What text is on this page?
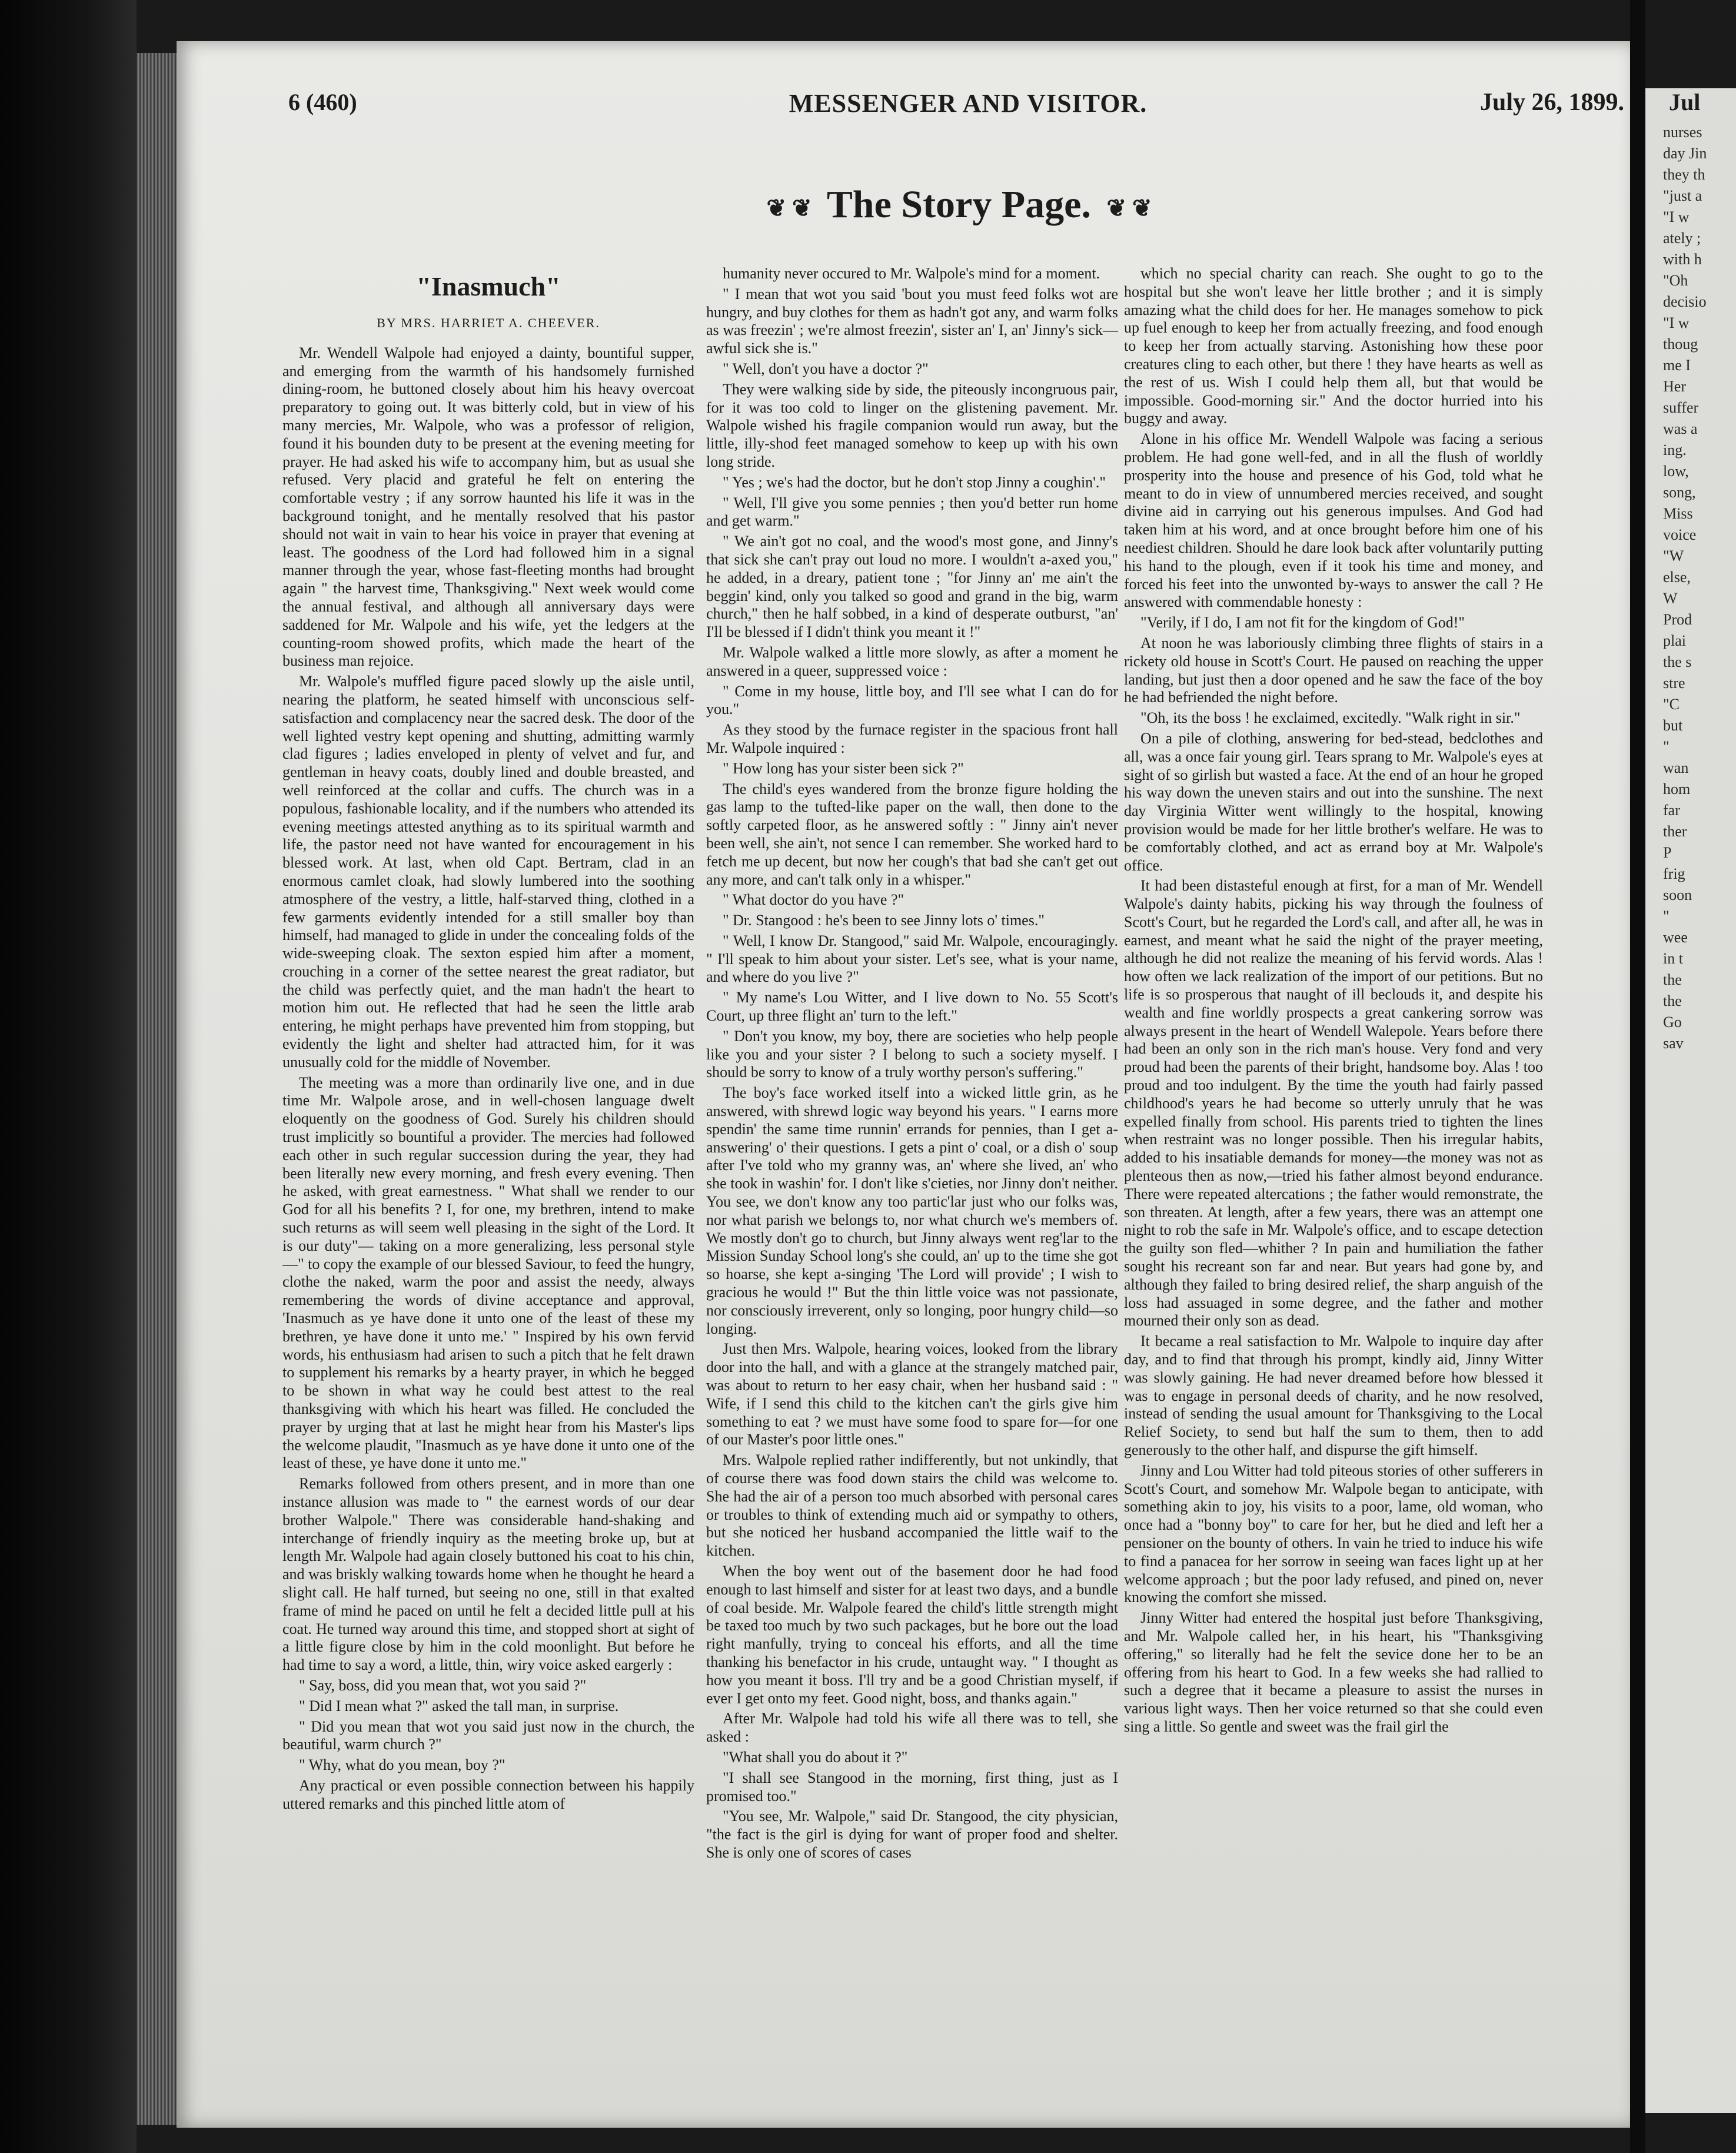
6 (460)	MESSENGER AND VISITOR.	July 26, 1899.
❦ ❦ The Story Page. ❦ ❦
"Inasmuch"
BY MRS. HARRIET A. CHEEVER.

Mr. Wendell Walpole had enjoyed a dainty, bountiful supper, and emerging from the warmth of his handsomely furnished dining-room, he buttoned closely about him his heavy overcoat preparatory to going out. It was bitterly cold, but in view of his many mercies, Mr. Walpole, who was a professor of religion, found it his bounden duty to be present at the evening meeting for prayer. He had asked his wife to accompany him, but as usual she refused. Very placid and grateful he felt on entering the comfortable vestry ; if any sorrow haunted his life it was in the background tonight, and he mentally resolved that his pastor should not wait in vain to hear his voice in prayer that evening at least. The goodness of the Lord had followed him in a signal manner through the year, whose fast-fleeting months had brought again " the harvest time, Thanksgiving." Next week would come the annual festival, and although all anniversary days were saddened for Mr. Walpole and his wife, yet the ledgers at the counting-room showed profits, which made the heart of the business man rejoice.

Mr. Walpole's muffled figure paced slowly up the aisle until, nearing the platform, he seated himself with unconscious self-satisfaction and complacency near the sacred desk. The door of the well lighted vestry kept opening and shutting, admitting warmly clad figures ; ladies enveloped in plenty of velvet and fur, and gentleman in heavy coats, doubly lined and double breasted, and well reinforced at the collar and cuffs. The church was in a populous, fashionable locality, and if the numbers who attended its evening meetings attested anything as to its spiritual warmth and life, the pastor need not have wanted for encouragement in his blessed work. At last, when old Capt. Bertram, clad in an enormous camlet cloak, had slowly lumbered into the soothing atmosphere of the vestry, a little, half-starved thing, clothed in a few garments evidently intended for a still smaller boy than himself, had managed to glide in under the concealing folds of the wide-sweeping cloak. The sexton espied him after a moment, crouching in a corner of the settee nearest the great radiator, but the child was perfectly quiet, and the man hadn't the heart to motion him out. He reflected that had he seen the little arab entering, he might perhaps have prevented him from stopping, but evidently the light and shelter had attracted him, for it was unusually cold for the middle of November.

The meeting was a more than ordinarily live one, and in due time Mr. Walpole arose, and in well-chosen language dwelt eloquently on the goodness of God. Surely his children should trust implicitly so bountiful a provider. The mercies had followed each other in such regular succession during the year, they had been literally new every morning, and fresh every evening. Then he asked, with great earnestness. " What shall we render to our God for all his benefits ? I, for one, my brethren, intend to make such returns as will seem well pleasing in the sight of the Lord. It is our duty"— taking on a more generalizing, less personal style—" to copy the example of our blessed Saviour, to feed the hungry, clothe the naked, warm the poor and assist the needy, always remembering the words of divine acceptance and approval, 'Inasmuch as ye have done it unto one of the least of these my brethren, ye have done it unto me.' " Inspired by his own fervid words, his enthusiasm had arisen to such a pitch that he felt drawn to supplement his remarks by a hearty prayer, in which he begged to be shown in what way he could best attest to the real thanksgiving with which his heart was filled. He concluded the prayer by urging that at last he might hear from his Master's lips the welcome plaudit, "Inasmuch as ye have done it unto one of the least of these, ye have done it unto me."

Remarks followed from others present, and in more than one instance allusion was made to " the earnest words of our dear brother Walpole." There was considerable hand-shaking and interchange of friendly inquiry as the meeting broke up, but at length Mr. Walpole had again closely buttoned his coat to his chin, and was briskly walking towards home when he thought he heard a slight call. He half turned, but seeing no one, still in that exalted frame of mind he paced on until he felt a decided little pull at his coat. He turned way around this time, and stopped short at sight of a little figure close by him in the cold moonlight. But before he had time to say a word, a little, thin, wiry voice asked eargerly :

" Say, boss, did you mean that, wot you said ?"

" Did I mean what ?" asked the tall man, in surprise.

" Did you mean that wot you said just now in the church, the beautiful, warm church ?"

" Why, what do you mean, boy ?"

Any practical or even possible connection between his happily uttered remarks and this pinched little atom of

humanity never occured to Mr. Walpole's mind for a moment.

" I mean that wot you said 'bout you must feed folks wot are hungry, and buy clothes for them as hadn't got any, and warm folks as was freezin' ; we're almost freezin', sister an' I, an' Jinny's sick—awful sick she is."

" Well, don't you have a doctor ?"

They were walking side by side, the piteously incongruous pair, for it was too cold to linger on the glistening pavement. Mr. Walpole wished his fragile companion would run away, but the little, illy-shod feet managed somehow to keep up with his own long stride.

" Yes ; we's had the doctor, but he don't stop Jinny a coughin'."

" Well, I'll give you some pennies ; then you'd better run home and get warm."

" We ain't got no coal, and the wood's most gone, and Jinny's that sick she can't pray out loud no more. I wouldn't a-axed you," he added, in a dreary, patient tone ; "for Jinny an' me ain't the beggin' kind, only you talked so good and grand in the big, warm church," then he half sobbed, in a kind of desperate outburst, "an' I'll be blessed if I didn't think you meant it !"

Mr. Walpole walked a little more slowly, as after a moment he answered in a queer, suppressed voice :

" Come in my house, little boy, and I'll see what I can do for you."

As they stood by the furnace register in the spacious front hall Mr. Walpole inquired :

" How long has your sister been sick ?"

The child's eyes wandered from the bronze figure holding the gas lamp to the tufted-like paper on the wall, then done to the softly carpeted floor, as he answered softly : " Jinny ain't never been well, she ain't, not sence I can remember. She worked hard to fetch me up decent, but now her cough's that bad she can't get out any more, and can't talk only in a whisper."

" What doctor do you have ?"

" Dr. Stangood : he's been to see Jinny lots o' times."

" Well, I know Dr. Stangood," said Mr. Walpole, encouragingly. " I'll speak to him about your sister. Let's see, what is your name, and where do you live ?"

" My name's Lou Witter, and I live down to No. 55 Scott's Court, up three flight an' turn to the left."

" Don't you know, my boy, there are societies who help people like you and your sister ? I belong to such a society myself. I should be sorry to know of a truly worthy person's suffering."

The boy's face worked itself into a wicked little grin, as he answered, with shrewd logic way beyond his years. " I earns more spendin' the same time runnin' errands for pennies, than I get a-answering' o' their questions. I gets a pint o' coal, or a dish o' soup after I've told who my granny was, an' where she lived, an' who she took in washin' for. I don't like s'cieties, nor Jinny don't neither. You see, we don't know any too partic'lar just who our folks was, nor what parish we belongs to, nor what church we's members of. We mostly don't go to church, but Jinny always went reg'lar to the Mission Sunday School long's she could, an' up to the time she got so hoarse, she kept a-singing 'The Lord will provide' ; I wish to gracious he would !" But the thin little voice was not passionate, nor consciously irreverent, only so longing, poor hungry child—so longing.

Just then Mrs. Walpole, hearing voices, looked from the library door into the hall, and with a glance at the strangely matched pair, was about to return to her easy chair, when her husband said : " Wife, if I send this child to the kitchen can't the girls give him something to eat ? we must have some food to spare for—for one of our Master's poor little ones."

Mrs. Walpole replied rather indifferently, but not unkindly, that of course there was food down stairs the child was welcome to. She had the air of a person too much absorbed with personal cares or troubles to think of extending much aid or sympathy to others, but she noticed her husband accompanied the little waif to the kitchen.

When the boy went out of the basement door he had food enough to last himself and sister for at least two days, and a bundle of coal beside. Mr. Walpole feared the child's little strength might be taxed too much by two such packages, but he bore out the load right manfully, trying to conceal his efforts, and all the time thanking his benefactor in his crude, untaught way. " I thought as how you meant it boss. I'll try and be a good Christian myself, if ever I get onto my feet. Good night, boss, and thanks again."

After Mr. Walpole had told his wife all there was to tell, she asked :

"What shall you do about it ?"

"I shall see Stangood in the morning, first thing, just as I promised too."

"You see, Mr. Walpole," said Dr. Stangood, the city physician, "the fact is the girl is dying for want of proper food and shelter. She is only one of scores of cases

which no special charity can reach. She ought to go to the hospital but she won't leave her little brother ; and it is simply amazing what the child does for her. He manages somehow to pick up fuel enough to keep her from actually freezing, and food enough to keep her from actually starving. Astonishing how these poor creatures cling to each other, but there ! they have hearts as well as the rest of us. Wish I could help them all, but that would be impossible. Good-morning sir." And the doctor hurried into his buggy and away.

Alone in his office Mr. Wendell Walpole was facing a serious problem. He had gone well-fed, and in all the flush of worldly prosperity into the house and presence of his God, told what he meant to do in view of unnumbered mercies received, and sought divine aid in carrying out his generous impulses. And God had taken him at his word, and at once brought before him one of his neediest children. Should he dare look back after voluntarily putting his hand to the plough, even if it took his time and money, and forced his feet into the unwonted by-ways to answer the call ? He answered with commendable honesty :

"Verily, if I do, I am not fit for the kingdom of God!"

At noon he was laboriously climbing three flights of stairs in a rickety old house in Scott's Court. He paused on reaching the upper landing, but just then a door opened and he saw the face of the boy he had befriended the night before.

"Oh, its the boss ! he exclaimed, excitedly. "Walk right in sir."

On a pile of clothing, answering for bed-stead, bedclothes and all, was a once fair young girl. Tears sprang to Mr. Walpole's eyes at sight of so girlish but wasted a face. At the end of an hour he groped his way down the uneven stairs and out into the sunshine. The next day Virginia Witter went willingly to the hospital, knowing provision would be made for her little brother's welfare. He was to be comfortably clothed, and act as errand boy at Mr. Walpole's office.

It had been distasteful enough at first, for a man of Mr. Wendell Walpole's dainty habits, picking his way through the foulness of Scott's Court, but he regarded the Lord's call, and after all, he was in earnest, and meant what he said the night of the prayer meeting, although he did not realize the meaning of his fervid words. Alas ! how often we lack realization of the import of our petitions. But no life is so prosperous that naught of ill beclouds it, and despite his wealth and fine worldly prospects a great cankering sorrow was always present in the heart of Wendell Walepole. Years before there had been an only son in the rich man's house. Very fond and very proud had been the parents of their bright, handsome boy. Alas ! too proud and too indulgent. By the time the youth had fairly passed childhood's years he had become so utterly unruly that he was expelled finally from school. His parents tried to tighten the lines when restraint was no longer possible. Then his irregular habits, added to his insatiable demands for money—the money was not as plenteous then as now,—tried his father almost beyond endurance. There were repeated altercations ; the father would remonstrate, the son threaten. At length, after a few years, there was an attempt one night to rob the safe in Mr. Walpole's office, and to escape detection the guilty son fled—whither ? In pain and humiliation the father sought his recreant son far and near. But years had gone by, and although they failed to bring desired relief, the sharp anguish of the loss had assuaged in some degree, and the father and mother mourned their only son as dead.

It became a real satisfaction to Mr. Walpole to inquire day after day, and to find that through his prompt, kindly aid, Jinny Witter was slowly gaining. He had never dreamed before how blessed it was to engage in personal deeds of charity, and he now resolved, instead of sending the usual amount for Thanksgiving to the Local Relief Society, to send but half the sum to them, then to add generously to the other half, and dispurse the gift himself.

Jinny and Lou Witter had told piteous stories of other sufferers in Scott's Court, and somehow Mr. Walpole began to anticipate, with something akin to joy, his visits to a poor, lame, old woman, who once had a "bonny boy" to care for her, but he died and left her a pensioner on the bounty of others. In vain he tried to induce his wife to find a panacea for her sorrow in seeing wan faces light up at her welcome approach ; but the poor lady refused, and pined on, never knowing the comfort she missed.

Jinny Witter had entered the hospital just before Thanksgiving, and Mr. Walpole called her, in his heart, his "Thanksgiving offering," so literally had he felt the sevice done her to be an offering from his heart to God. In a few weeks she had rallied to such a degree that it became a pleasure to assist the nurses in various light ways. Then her voice returned so that she could even sing a little. So gentle and sweet was the frail girl the

Jul
nurses
day Jin
they th
"just a
"I w
ately ;
with h
"Oh
decisio
"I w
thoug
me I
Her
suffer
was a
ing.
low,
song,
Miss
voice
"W
else,
W
Prod
plai
the s
stre
"C
but
"
wan
hom
far
ther
P
frig
soon
"
wee
in t
the
the
Go
sav
